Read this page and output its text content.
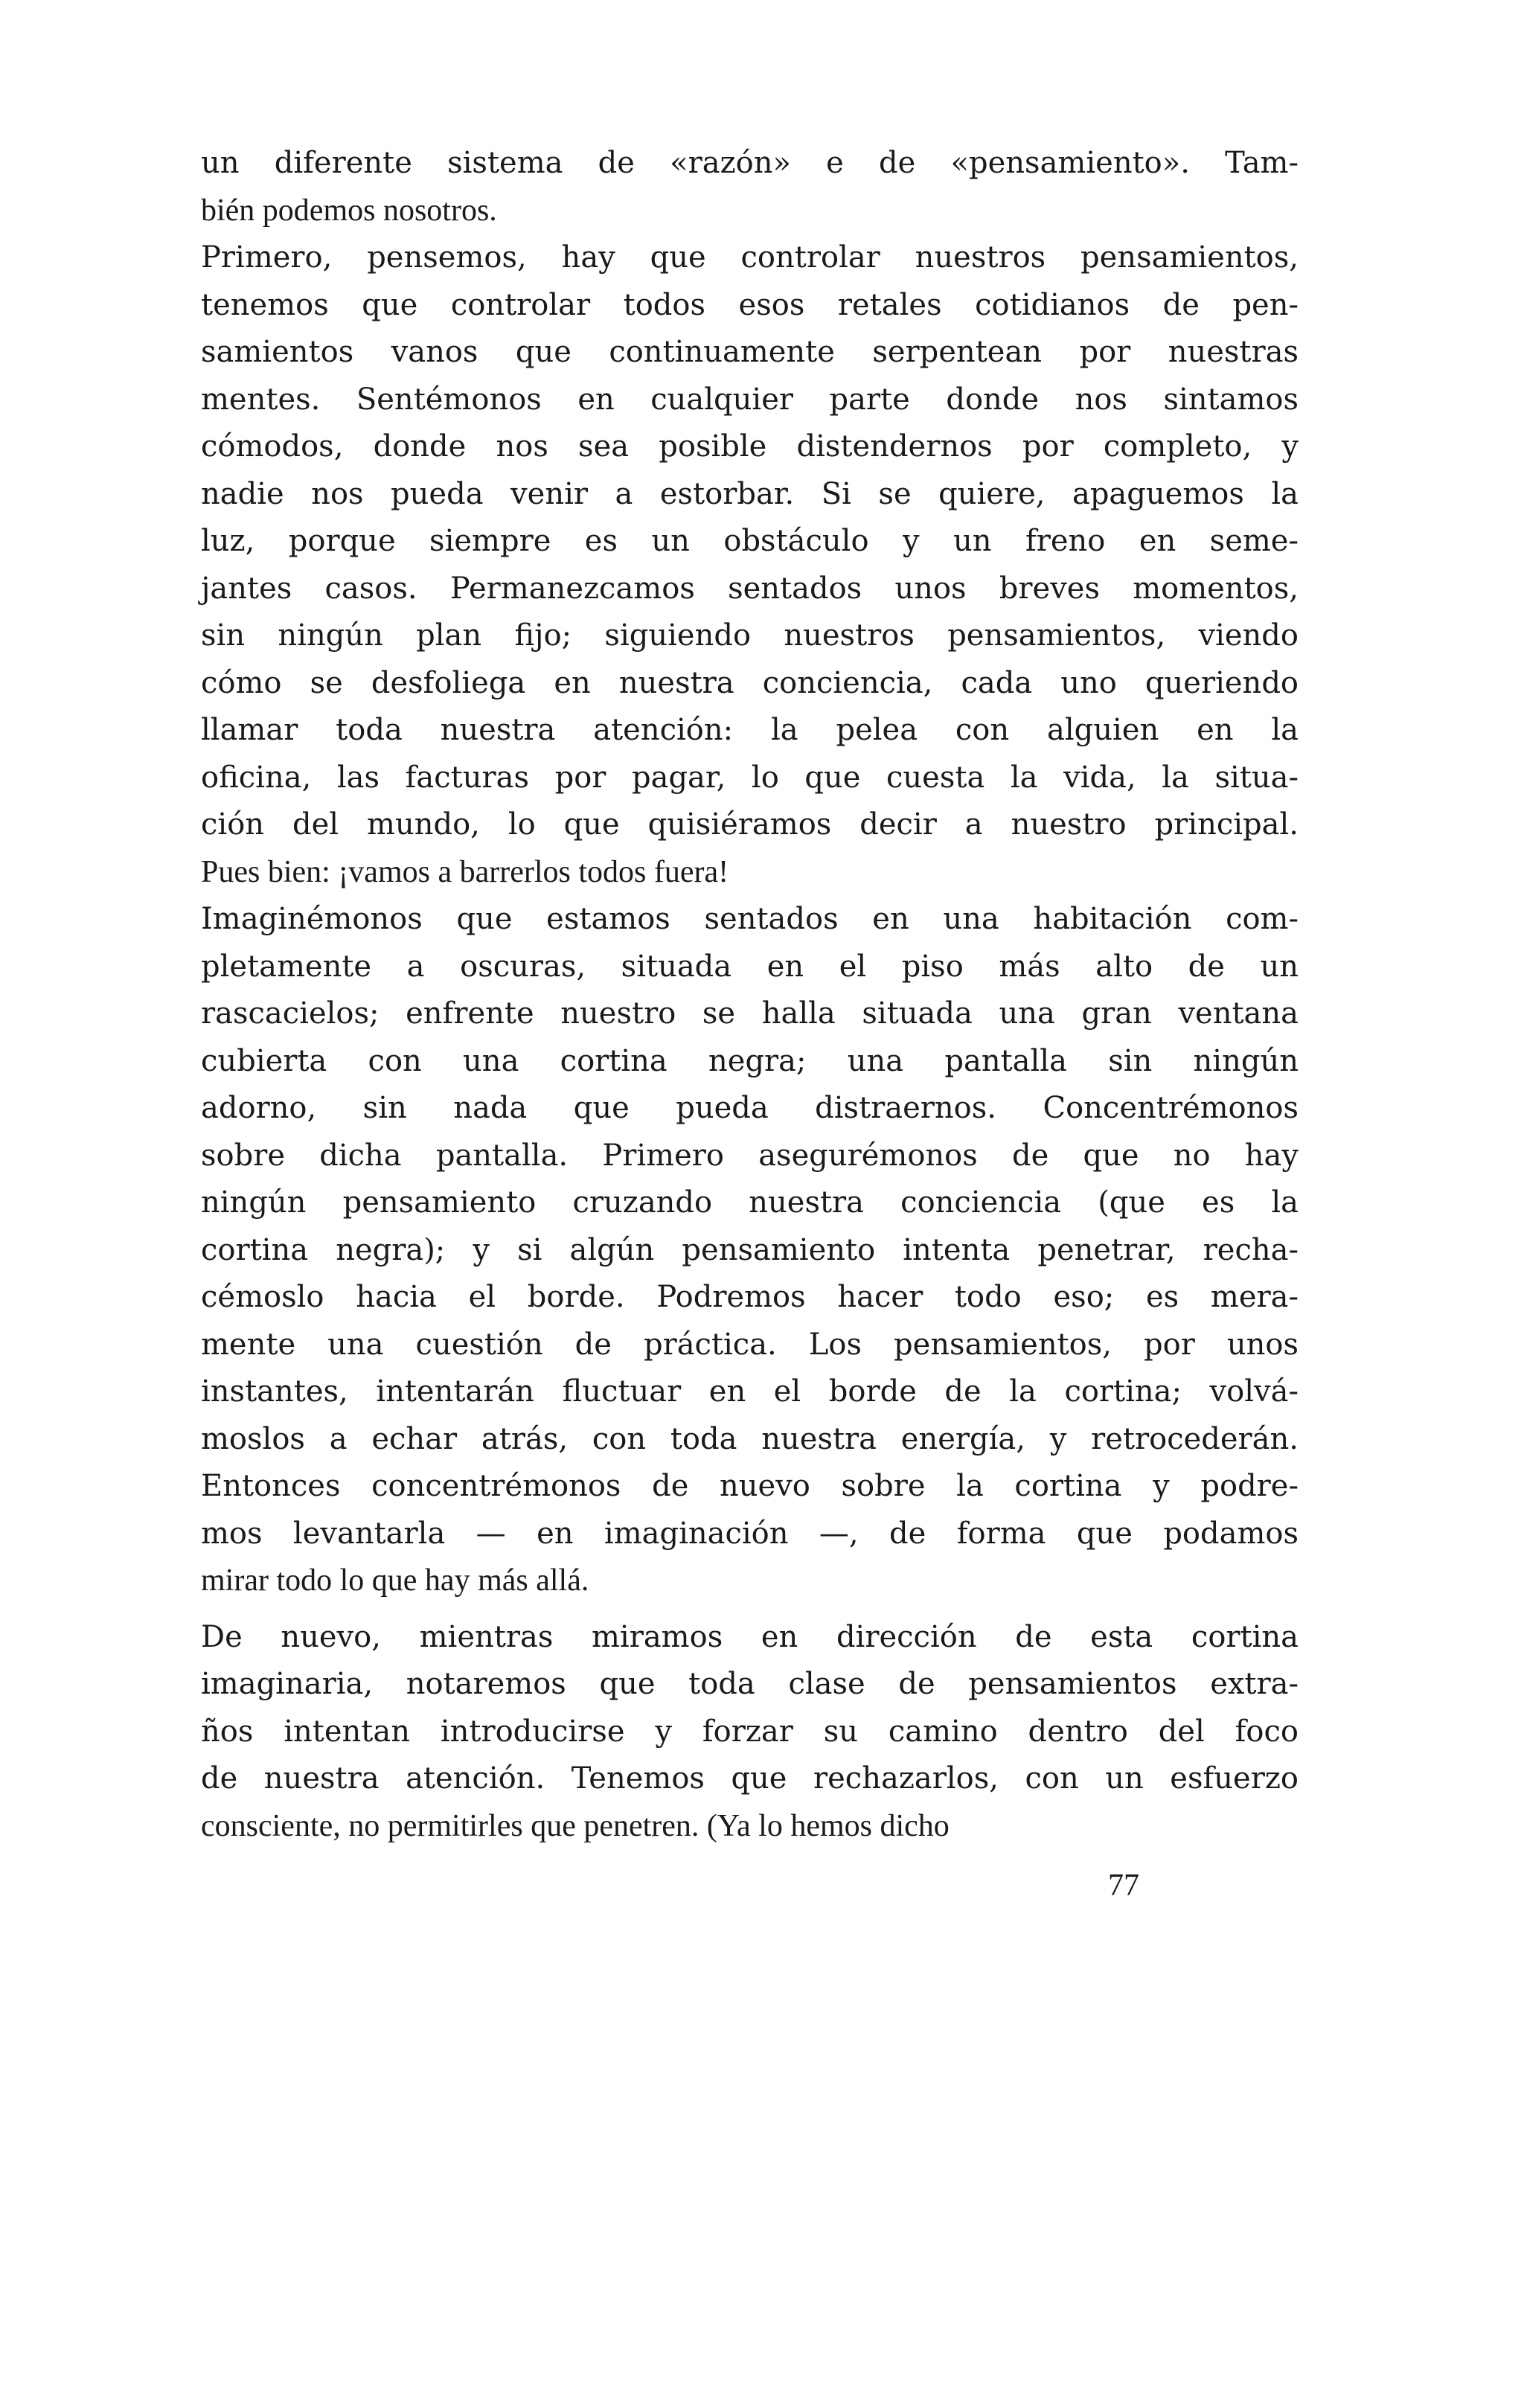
un diferente sistema de «razón» e de «pensamiento». Tam-
bién podemos nosotros.
Primero, pensemos, hay que controlar nuestros pensamientos,
tenemos que controlar todos esos retales cotidianos de pen-
samientos vanos que continuamente serpentean por nuestras
mentes. Sentémonos en cualquier parte donde nos sintamos
cómodos, donde nos sea posible distendernos por completo, y
nadie nos pueda venir a estorbar. Si se quiere, apaguemos la
luz, porque siempre es un obstáculo y un freno en seme-
jantes casos. Permanezcamos sentados unos breves momentos,
sin ningún plan fijo; siguiendo nuestros pensamientos, viendo
cómo se desfoliega en nuestra conciencia, cada uno queriendo
llamar toda nuestra atención: la pelea con alguien en la
oficina, las facturas por pagar, lo que cuesta la vida, la situa-
ción del mundo, lo que quisiéramos decir a nuestro principal.
Pues bien: ¡vamos a barrerlos todos fuera!
Imaginémonos que estamos sentados en una habitación com-
pletamente a oscuras, situada en el piso más alto de un
rascacielos; enfrente nuestro se halla situada una gran ventana
cubierta con una cortina negra; una pantalla sin ningún
adorno, sin nada que pueda distraernos. Concentrémonos
sobre dicha pantalla. Primero asegurémonos de que no hay
ningún pensamiento cruzando nuestra conciencia (que es la
cortina negra); y si algún pensamiento intenta penetrar, recha-
cémoslo hacia el borde. Podremos hacer todo eso; es mera-
mente una cuestión de práctica. Los pensamientos, por unos
instantes, intentarán fluctuar en el borde de la cortina; volvá-
moslos a echar atrás, con toda nuestra energía, y retrocederán.
Entonces concentrémonos de nuevo sobre la cortina y podre-
mos levantarla — en imaginación —, de forma que podamos
mirar todo lo que hay más allá.
De nuevo, mientras miramos en dirección de esta cortina
imaginaria, notaremos que toda clase de pensamientos extra-
ños intentan introducirse y forzar su camino dentro del foco
de nuestra atención. Tenemos que rechazarlos, con un esfuerzo
consciente, no permitirles que penetren. (Ya lo hemos dicho
77
